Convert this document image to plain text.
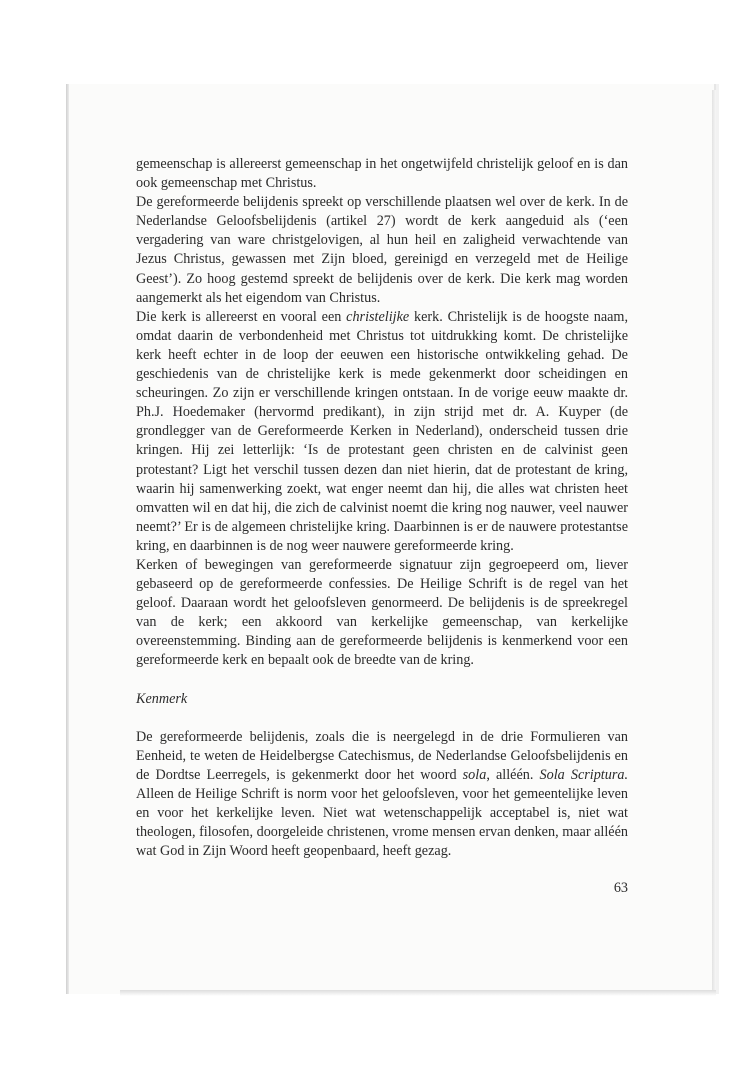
gemeenschap is allereerst gemeenschap in het ongetwijfeld christelijk geloof en is dan ook gemeenschap met Christus.

De gereformeerde belijdenis spreekt op verschillende plaatsen wel over de kerk. In de Nederlandse Geloofsbelijdenis (artikel 27) wordt de kerk aangeduid als (‘een vergadering van ware christgelovigen, al hun heil en zaligheid verwachtende van Jezus Christus, gewassen met Zijn bloed, gereinigd en verzegeld met de Heilige Geest’). Zo hoog gestemd spreekt de belijdenis over de kerk. Die kerk mag worden aangemerkt als het eigendom van Christus.

Die kerk is allereerst en vooral een christelijke kerk. Christelijk is de hoogste naam, omdat daarin de verbondenheid met Christus tot uitdrukking komt. De christelijke kerk heeft echter in de loop der eeuwen een historische ontwikkeling gehad. De geschiedenis van de christelijke kerk is mede gekenmerkt door scheidingen en scheuringen. Zo zijn er verschillende kringen ontstaan. In de vorige eeuw maakte dr. Ph.J. Hoedemaker (hervormd predikant), in zijn strijd met dr. A. Kuyper (de grondlegger van de Gereformeerde Kerken in Nederland), onderscheid tussen drie kringen. Hij zei letterlijk: ‘Is de protestant geen christen en de calvinist geen protestant? Ligt het verschil tussen dezen dan niet hierin, dat de protestant de kring, waarin hij samenwerking zoekt, wat enger neemt dan hij, die alles wat christen heet omvatten wil en dat hij, die zich de calvinist noemt die kring nog nauwer, veel nauwer neemt?’ Er is de algemeen christelijke kring. Daarbinnen is er de nauwere protestantse kring, en daarbinnen is de nog weer nauwere gereformeerde kring.

Kerken of bewegingen van gereformeerde signatuur zijn gegroepeerd om, liever gebaseerd op de gereformeerde confessies. De Heilige Schrift is de regel van het geloof. Daaraan wordt het geloofsleven genormeerd. De belijdenis is de spreekregel van de kerk; een akkoord van kerkelijke gemeenschap, van kerkelijke overeenstemming. Binding aan de gereformeerde belijdenis is kenmerkend voor een gereformeerde kerk en bepaalt ook de breedte van de kring.

Kenmerk

De gereformeerde belijdenis, zoals die is neergelegd in de drie Formulieren van Eenheid, te weten de Heidelbergse Catechismus, de Nederlandse Geloofsbelijdenis en de Dordtse Leerregels, is gekenmerkt door het woord sola, alléén. Sola Scriptura. Alleen de Heilige Schrift is norm voor het geloofsleven, voor het gemeentelijke leven en voor het kerkelijke leven. Niet wat wetenschappelijk acceptabel is, niet wat theologen, filosofen, doorgeleide christenen, vrome mensen ervan denken, maar alléén wat God in Zijn Woord heeft geopenbaard, heeft gezag.

63
